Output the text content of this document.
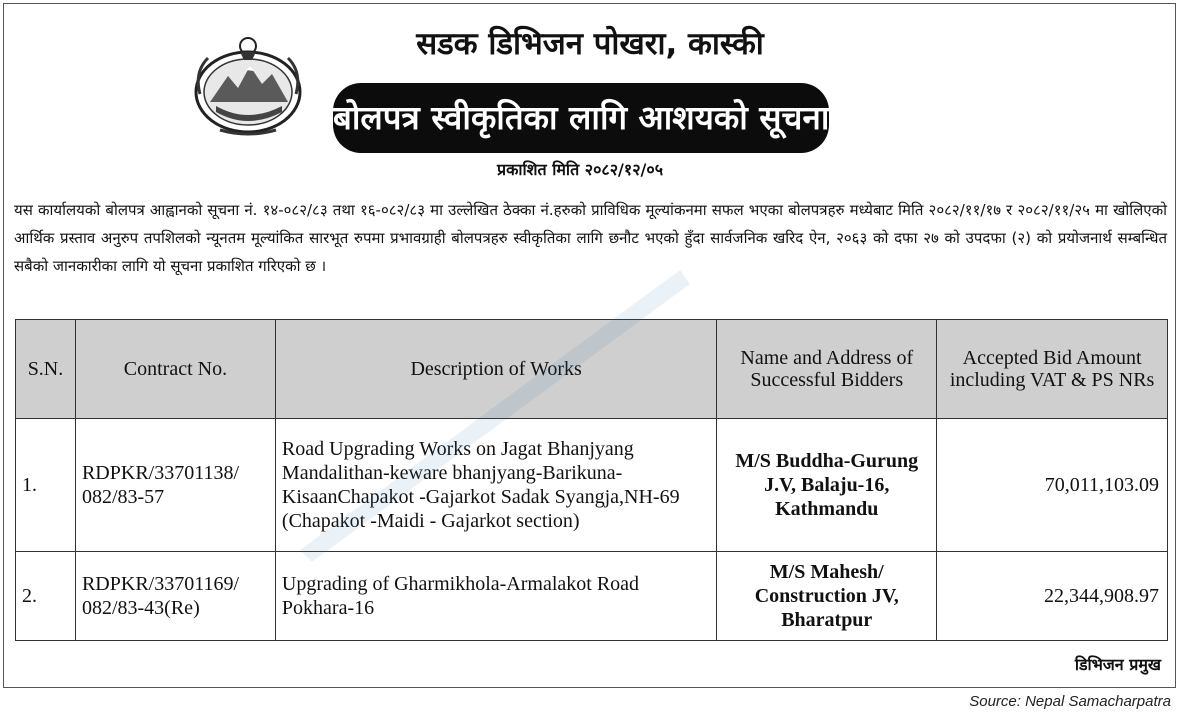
सडक डिभिजन पोखरा, कास्की
बोलपत्र स्वीकृतिका लागि आशयको सूचना
प्रकाशित मिति २०८२/१२/०५
यस कार्यालयको बोलपत्र आह्वानको सूचना नं. १४-०८२/८३ तथा १६-०८२/८३ मा उल्लेखित ठेक्का नं.हरुको प्राविधिक मूल्यांकनमा सफल भएका बोलपत्रहरु मध्येबाट मिति २०८२/११/१७ र २०८२/११/२५ मा खोलिएको आर्थिक प्रस्ताव अनुरुप तपशिलको न्यूनतम मूल्यांकित सारभूत रुपमा प्रभावग्राही बोलपत्रहरु स्वीकृतिका लागि छनौट भएको हुँदा सार्वजनिक खरिद ऐन, २०६३ को दफा २७ को उपदफा (२) को प्रयोजनार्थ सम्बन्धित सबैको जानकारीका लागि यो सूचना प्रकाशित गरिएको छ ।
S.N.	Contract No.	Description of Works	Name and Address of Successful Bidders	Accepted Bid Amount including VAT & PS NRs
1.	RDPKR/33701138/ 082/83-57	Road Upgrading Works on Jagat Bhanjyang Mandalithan-keware bhanjyang-Barikuna-KisaanChapakot -Gajarkot Sadak Syangja,NH-69 (Chapakot -Maidi - Gajarkot section)	M/S Buddha-Gurung J.V, Balaju-16, Kathmandu	70,011,103.09
2.	RDPKR/33701169/ 082/83-43(Re)	Upgrading of Gharmikhola-Armalakot Road Pokhara-16	M/S Mahesh/ Construction JV, Bharatpur	22,344,908.97
डिभिजन प्रमुख
Source: Nepal Samacharpatra
